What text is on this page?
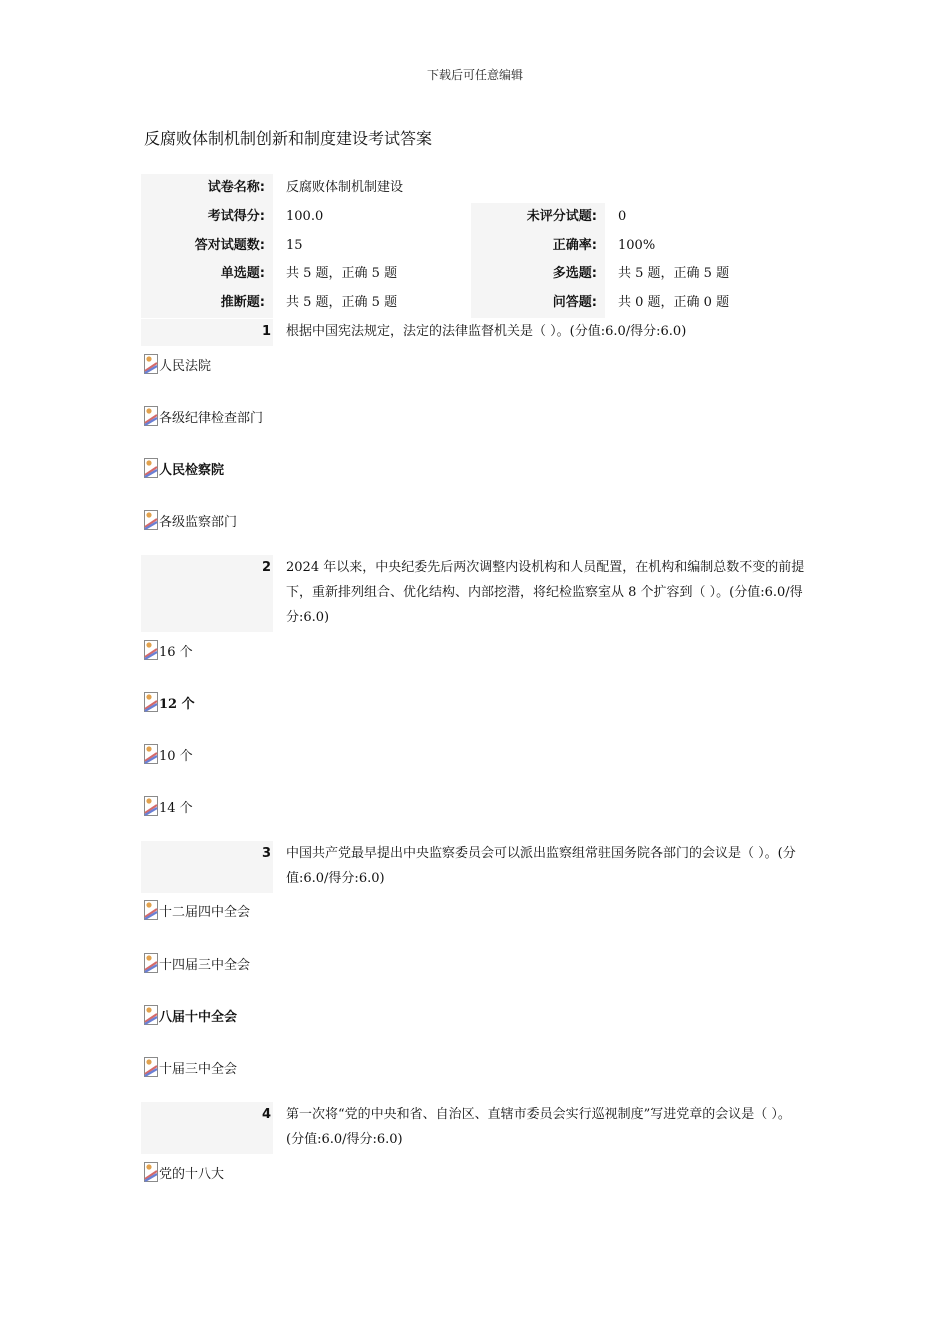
下载后可任意编辑
反腐败体制机制创新和制度建设考试答案
试卷名称:	反腐败体制机制建设
考试得分:	100.0	未评分试题:	0
答对试题数:	15	正确率:	100%
单选题:	共 5 题，正确 5 题	多选题:	共 5 题，正确 5 题
推断题:	共 5 题，正确 5 题	问答题:	共 0 题，正确 0 题
1 根据中国宪法规定，法定的法律监督机关是（ ）。(分值:6.0/得分:6.0)
人民法院
各级纪律检查部门
人民检察院
各级监察部门
2 2024 年以来，中央纪委先后两次调整内设机构和人员配置，在机构和编制总数不变的前提下，重新排列组合、优化结构、内部挖潜，将纪检监察室从 8 个扩容到（ ）。(分值:6.0/得分:6.0)
16 个
12 个
10 个
14 个
3 中国共产党最早提出中央监察委员会可以派出监察组常驻国务院各部门的会议是（ ）。(分值:6.0/得分:6.0)
十二届四中全会
十四届三中全会
八届十中全会
十届三中全会
4 第一次将“党的中央和省、自治区、直辖市委员会实行巡视制度”写进党章的会议是（ ）。(分值:6.0/得分:6.0)
党的十八大
